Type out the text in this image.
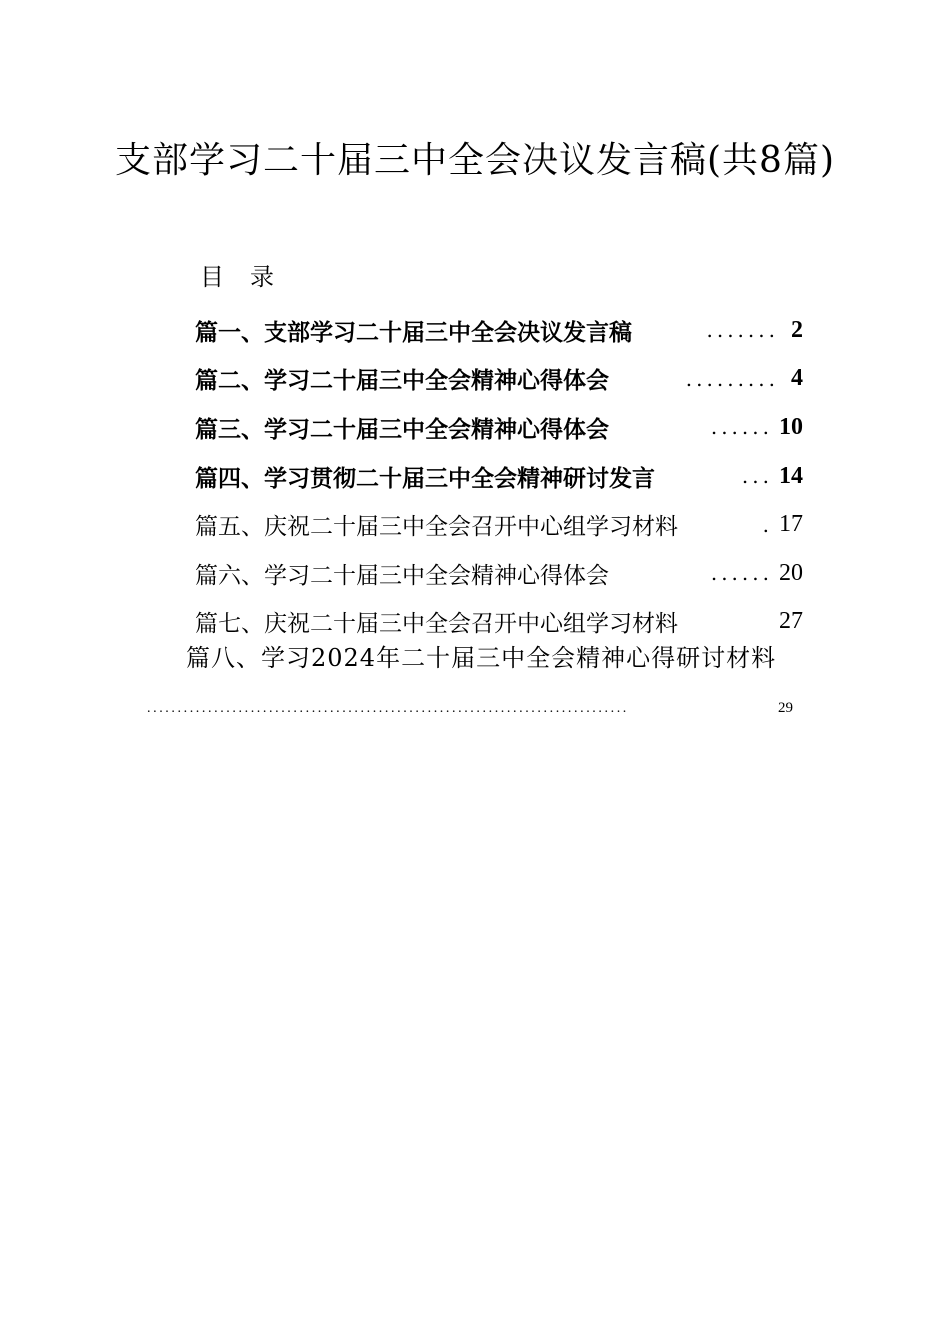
支部学习二十届三中全会决议发言稿(共8篇)
目 录
篇一、支部学习二十届三中全会决议发言稿	....... 2
篇二、学习二十届三中全会精神心得体会	......... 4
篇三、学习二十届三中全会精神心得体会	...... 10
篇四、学习贯彻二十届三中全会精神研讨发言	... 14
篇五、庆祝二十届三中全会召开中心组学习材料	. 17
篇六、学习二十届三中全会精神心得体会	...... 20
篇七、庆祝二十届三中全会召开中心组学习材料	27
篇八、学习2024年二十届三中全会精神心得研讨材料
...............................................................................	29
